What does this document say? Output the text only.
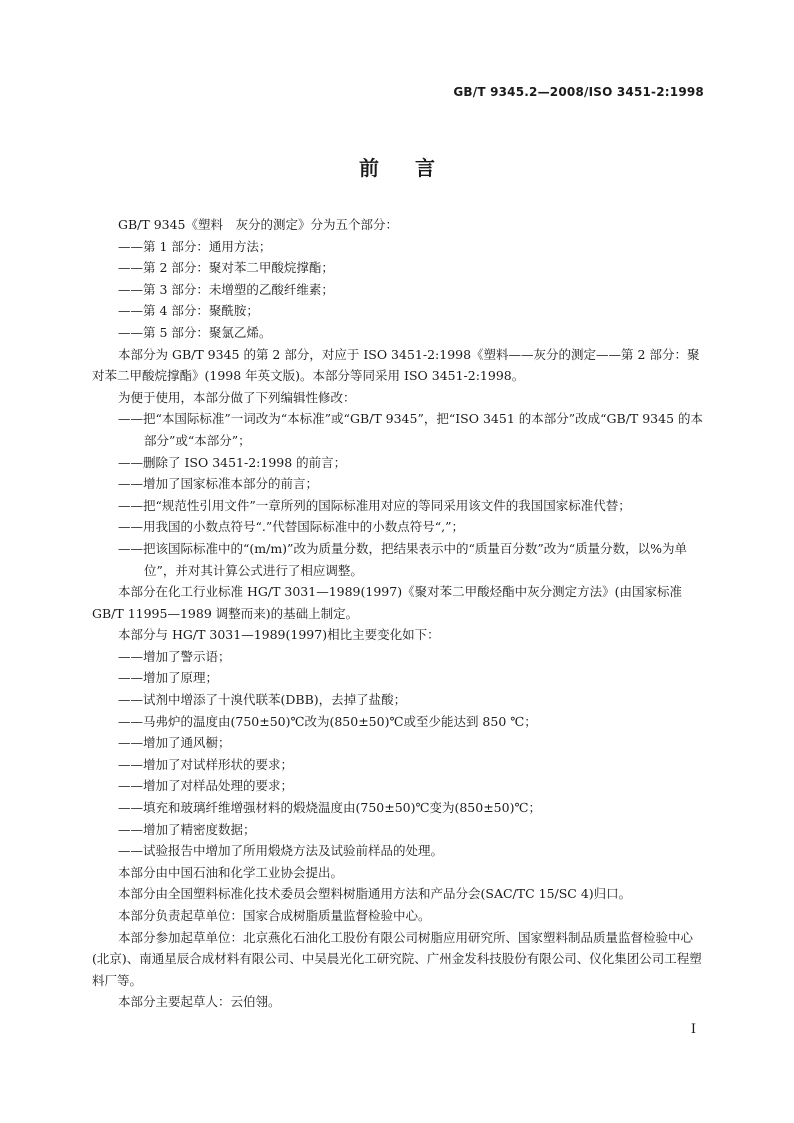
GB/T 9345.2—2008/ISO 3451-2:1998
前言

GB/T 9345《塑料　灰分的测定》分为五个部分：

——第 1 部分：通用方法；

——第 2 部分：聚对苯二甲酸烷撑酯；

——第 3 部分：未增塑的乙酸纤维素；

——第 4 部分：聚酰胺；

——第 5 部分：聚氯乙烯。

本部分为 GB/T 9345 的第 2 部分，对应于 ISO 3451-2:1998《塑料——灰分的测定——第 2 部分：聚对苯二甲酸烷撑酯》(1998 年英文版)。本部分等同采用 ISO 3451-2:1998。

为便于使用，本部分做了下列编辑性修改：

——把“本国际标准”一词改为“本标准”或“GB/T 9345”，把“ISO 3451 的本部分”改成“GB/T 9345 的本部分”或“本部分”；

——删除了 ISO 3451-2:1998 的前言；

——增加了国家标准本部分的前言；

——把“规范性引用文件”一章所列的国际标准用对应的等同采用该文件的我国国家标准代替；

——用我国的小数点符号“.”代替国际标准中的小数点符号“,”；

——把该国际标准中的“(m/m)”改为质量分数，把结果表示中的“质量百分数”改为“质量分数，以%为单位”，并对其计算公式进行了相应调整。

本部分在化工行业标准 HG/T 3031—1989(1997)《聚对苯二甲酸烃酯中灰分测定方法》(由国家标准 GB/T 11995—1989 调整而来)的基础上制定。

本部分与 HG/T 3031—1989(1997)相比主要变化如下：

——增加了警示语；

——增加了原理；

——试剂中增添了十溴代联苯(DBB)，去掉了盐酸；

——马弗炉的温度由(750±50)℃改为(850±50)℃或至少能达到 850 ℃；

——增加了通风橱；

——增加了对试样形状的要求；

——增加了对样品处理的要求；

——填充和玻璃纤维增强材料的煅烧温度由(750±50)℃变为(850±50)℃；

——增加了精密度数据；

——试验报告中增加了所用煅烧方法及试验前样品的处理。

本部分由中国石油和化学工业协会提出。

本部分由全国塑料标准化技术委员会塑料树脂通用方法和产品分会(SAC/TC 15/SC 4)归口。

本部分负责起草单位：国家合成树脂质量监督检验中心。

本部分参加起草单位：北京燕化石油化工股份有限公司树脂应用研究所、国家塑料制品质量监督检验中心(北京)、南通星辰合成材料有限公司、中吴晨光化工研究院、广州金发科技股份有限公司、仪化集团公司工程塑料厂等。

本部分主要起草人：云伯翎。

I
